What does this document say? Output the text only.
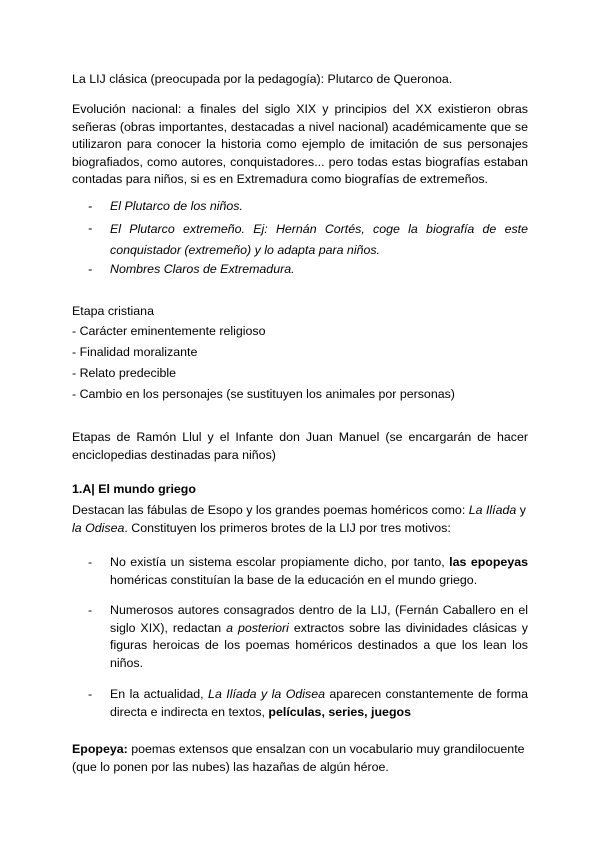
La LIJ clásica (preocupada por la pedagogía): Plutarco de Queronoa.

Evolución nacional: a finales del siglo XIX y principios del XX existieron obras señeras (obras importantes, destacadas a nivel nacional) académicamente que se utilizaron para conocer la historia como ejemplo de imitación de sus personajes biografiados, como autores, conquistadores... pero todas estas biografías estaban contadas para niños, si es en Extremadura como biografías de extremeños.

- El Plutarco de los niños.
- El Plutarco extremeño. Ej: Hernán Cortés, coge la biografía de este conquistador (extremeño) y lo adapta para niños.
- Nombres Claros de Extremadura.

Etapa cristiana

- Carácter eminentemente religioso

- Finalidad moralizante

- Relato predecible

- Cambio en los personajes (se sustituyen los animales por personas)

Etapas de Ramón Llul y el Infante don Juan Manuel (se encargarán de hacer enciclopedias destinadas para niños)

1.A| El mundo griego

Destacan las fábulas de Esopo y los grandes poemas homéricos como: La Ilíada y la Odisea. Constituyen los primeros brotes de la LIJ por tres motivos:

- No existía un sistema escolar propiamente dicho, por tanto, las epopeyas homéricas constituían la base de la educación en el mundo griego.
- Numerosos autores consagrados dentro de la LIJ, (Fernán Caballero en el siglo XIX), redactan a posteriori extractos sobre las divinidades clásicas y figuras heroicas de los poemas homéricos destinados a que los lean los niños.
- En la actualidad, La Ilíada y la Odisea aparecen constantemente de forma directa e indirecta en textos, películas, series, juegos

Epopeya: poemas extensos que ensalzan con un vocabulario muy grandilocuente (que lo ponen por las nubes) las hazañas de algún héroe.
